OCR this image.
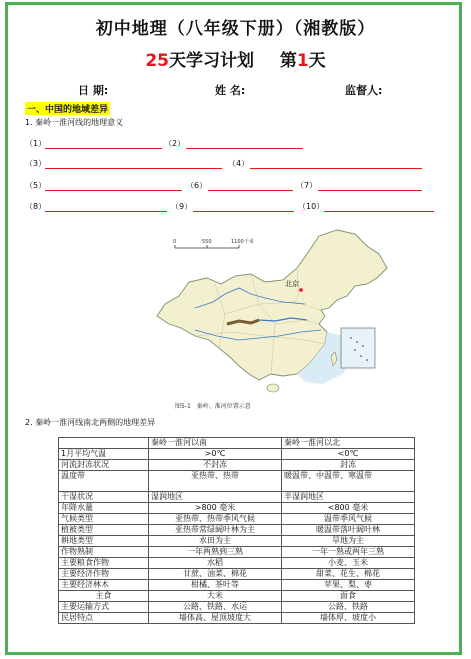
初中地理（八年级下册）（湘教版）
25天学习计划 第1天
日 期:	姓 名:	监督人:
一、中国的地域差异
1. 秦岭一淮河线的地理意义
（1）	（2）
（3）	（4）
（5）	（6）	（7）
（8）	（9）	（10）
0	550	1100千米
北京
图5-1　秦岭、淮河位置示意
2. 秦岭一淮河线南北两侧的地理差异
	秦岭一淮河以南	秦岭一淮河以北
1月平均气温	>0℃	<0℃
河流封冻状况	不封冻	封冻
温度带	亚热带、热带	暖温带、中温带、寒温带
干湿状况	湿润地区	半湿润地区
年降水量	>800 毫米	<800 毫米
气候类型	亚热带、热带季风气候	温带季风气候
植被类型	亚热带常绿阔叶林为主	暖温带落叶阔叶林
耕地类型	水田为主	旱地为主
作物熟制	一年两熟到三熟	一年一熟或两年三熟
主要粮食作物	水稻	小麦、玉米
主要经济作物	甘蔗、油菜、棉花	甜菜、花生、棉花
主要经济林木	柑橘、茶叶等	苹果、梨、枣
主食	大米	面食
主要运输方式	公路、铁路、水运	公路、铁路
民居特点	墙体高、屋顶坡度大	墙体厚、坡度小
